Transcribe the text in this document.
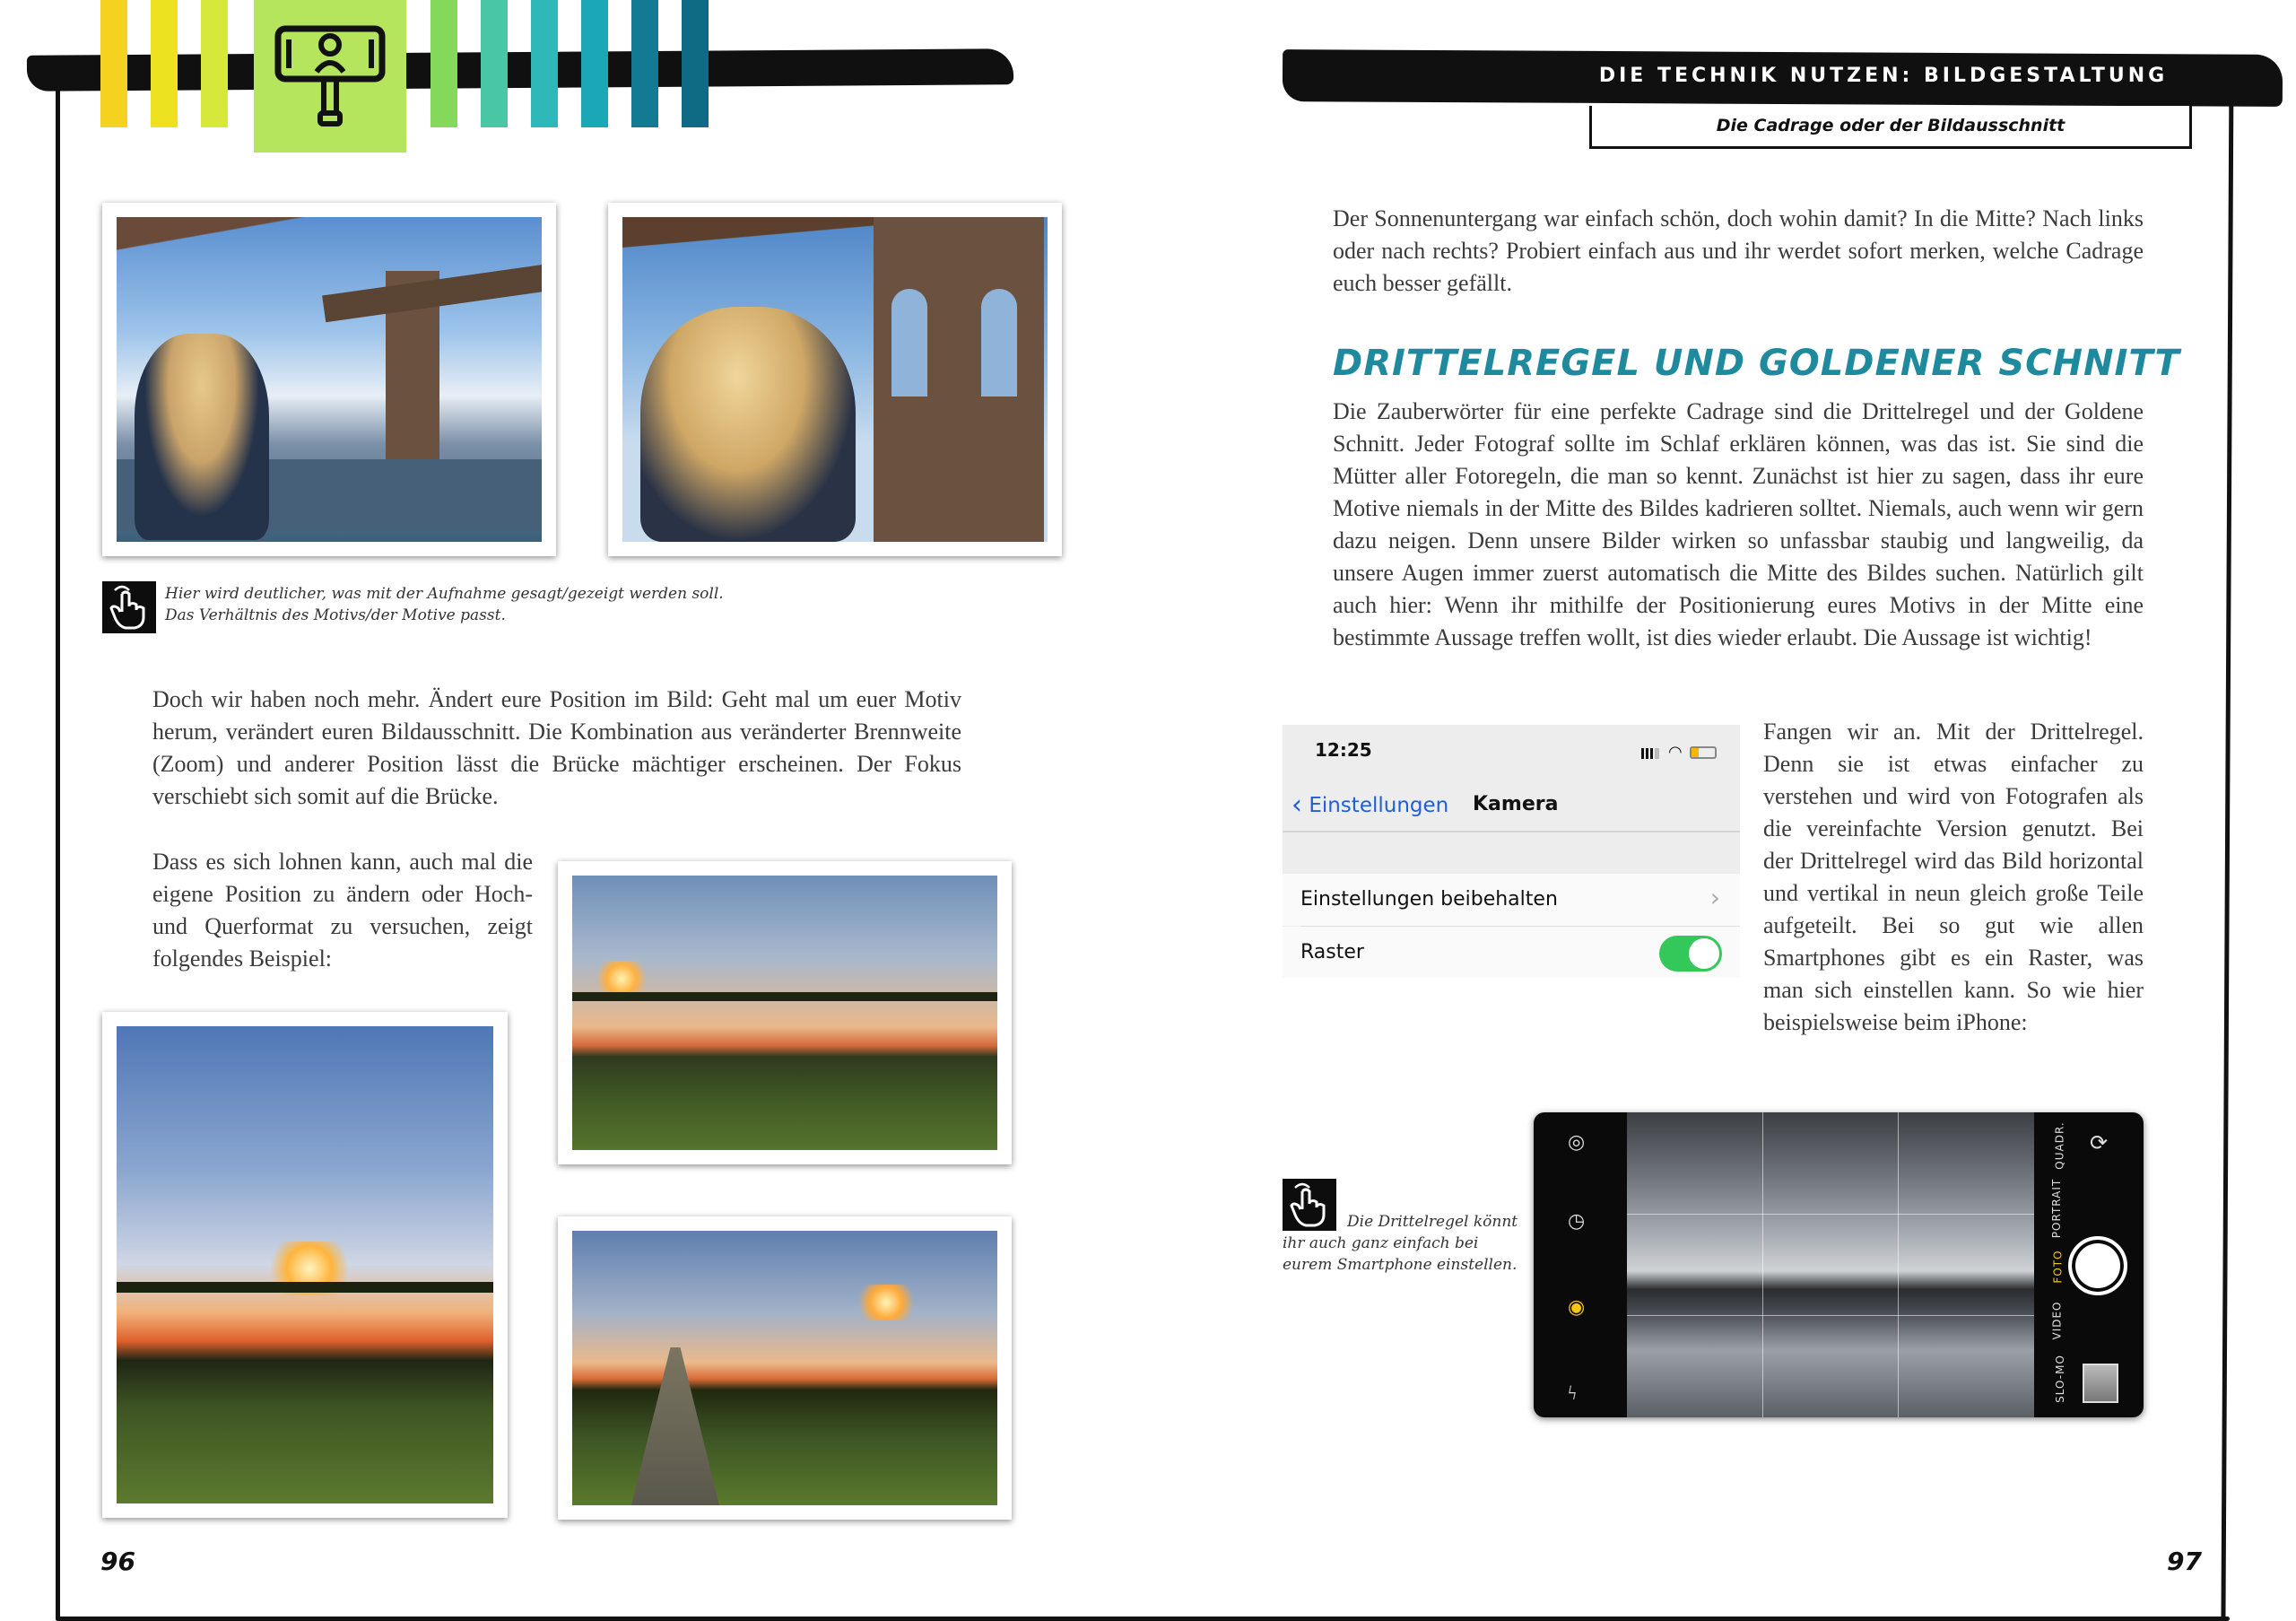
DIE TECHNIK NUTZEN: BILDGESTALTUNG
Die Cadrage oder der Bildausschnitt
Hier wird deutlicher, was mit der Aufnahme gesagt/gezeigt werden soll.
Das Verhältnis des Motivs/der Motive passt.
Doch wir haben noch mehr. Ändert eure Position im Bild: Geht mal um euer Motiv herum, verändert euren Bildausschnitt. Die Kombination aus veränderter Brennweite (Zoom) und anderer Position lässt die Brücke mächtiger erscheinen. Der Fokus verschiebt sich somit auf die Brücke.
Dass es sich lohnen kann, auch mal die eigene Position zu ändern oder Hoch- und Querformat zu versuchen, zeigt folgendes Beispiel:
96
Der Sonnenuntergang war einfach schön, doch wohin damit? In die Mitte? Nach links oder nach rechts? Probiert einfach aus und ihr werdet sofort merken, welche Cadrage euch besser gefällt.
DRITTELREGEL UND GOLDENER SCHNITT
Die Zauberwörter für eine perfekte Cadrage sind die Drittelregel und der Goldene Schnitt. Jeder Fotograf sollte im Schlaf erklären können, was das ist. Sie sind die Mütter aller Fotoregeln, die man so kennt. Zunächst ist hier zu sagen, dass ihr eure Motive niemals in der Mitte des Bildes kadrieren solltet. Niemals, auch wenn wir gern dazu neigen. Denn unsere Bilder wirken so unfassbar staubig und langweilig, da unsere Augen immer zuerst automatisch die Mitte des Bildes suchen. Natürlich gilt auch hier: Wenn ihr mithilfe der Positionierung eures Motivs in der Mitte eine bestimmte Aussage treffen wollt, ist dies wieder erlaubt. Die Aussage ist wichtig!
12:25	◠
‹ Einstellungen Kamera
Einstellungen beibehalten	›
Raster
Fangen wir an. Mit der Drittelregel. Denn sie ist etwas einfacher zu verstehen und wird von Fotografen als die vereinfachte Version genutzt. Bei der Drittelregel wird das Bild horizontal und vertikal in neun gleich große Teile aufgeteilt. Bei so gut wie allen Smartphones gibt es ein Raster, was man sich einstellen kann. So wie hier beispielsweise beim iPhone:
Die Drittelregel könnt
ihr auch ganz einfach bei
eurem Smartphone einstellen.
◎
◷
◉
ϟ
⟳
QUADR.
PORTRAIT
FOTO
VIDEO
SLO-MO
97
